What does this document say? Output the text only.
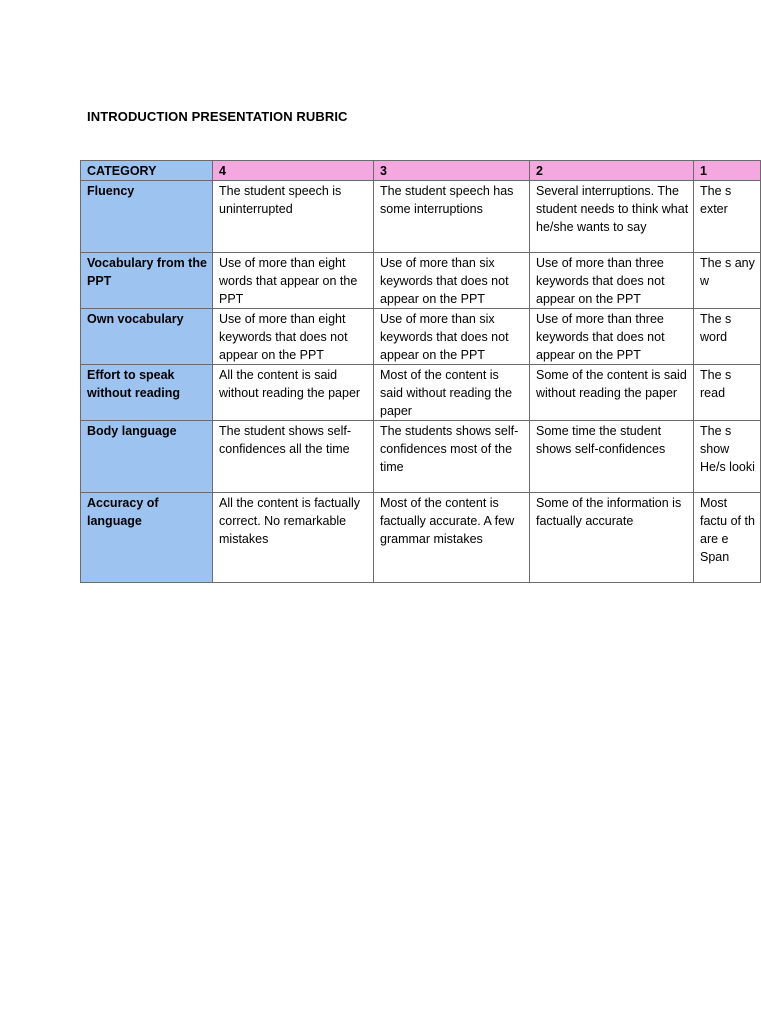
INTRODUCTION PRESENTATION RUBRIC
CATEGORY	4	3	2	1
Fluency	The student speech is uninterrupted	The student speech has some interruptions	Several interruptions. The student needs to think what he/she wants to say	The s exter
Vocabulary from the PPT	Use of more than eight words that appear on the PPT	Use of more than six keywords that does not appear on the PPT	Use of more than three keywords that does not appear on the PPT	The s any w
Own vocabulary	Use of more than eight keywords that does not appear on the PPT	Use of more than six keywords that does not appear on the PPT	Use of more than three keywords that does not appear on the PPT	The s word
Effort to speak without reading	All the content is said without reading the paper	Most of the content is said without reading the paper	Some of the content is said without reading the paper	The s read
Body language	The student shows self-confidences all the time	The students shows self-confidences most of the time	Some time the student shows self-confidences	The s show He/s looki
Accuracy of language	All the content is factually correct. No remarkable mistakes	Most of the content is factually accurate. A few grammar mistakes	Some of the information is factually accurate	Most factu of th are e Span
